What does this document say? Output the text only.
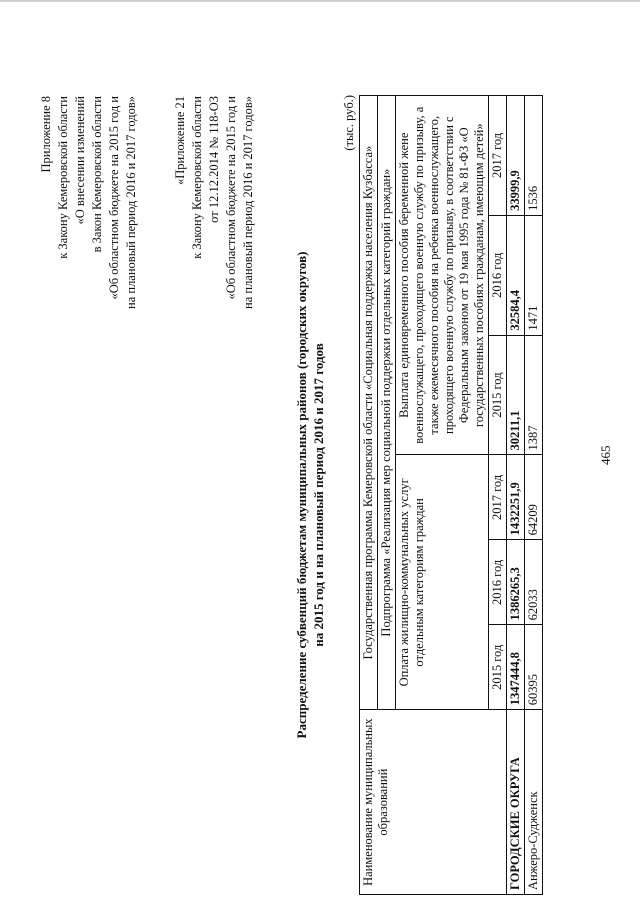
465
Приложение 8 к Закону Кемеровской области «О внесении изменений в Закон Кемеровской области «Об областном бюджете на 2015 год и на плановый период 2016 и 2017 годов»	«Приложение 21 к Закону Кемеровской области от 12.12.2014 № 118-ОЗ «Об областном бюджете на 2015 год и на плановый период 2016 и 2017 годов»
Распределение субвенций бюджетам муниципальных районов (городских округов) на 2015 год и на плановый период 2016 и 2017 годов
(тыс. руб.)
Наименование муниципальных образований	Государственная программа Кемеровской области «Социальная поддержка населения Кузбасса»					
	Подпрограмма «Реализация мер социальной поддержки отдельных категорий граждан»					
	Оплата жилищно-коммунальных услуг отдельным категориям граждан			Выплата единовременного пособия беременной жене военнослужащего, проходящего военную службу по призыву, а также ежемесячного пособия на ребенка военнослужащего, проходящего военную службу по призыву, в соответствии с Федеральным законом от 19 мая 1995 года № 81-ФЗ «О государственных пособиях гражданам, имеющим детей»		
	2015 год	2016 год	2017 год	2015 год	2016 год	2017 год
ГОРОДСКИЕ ОКРУГА	1347444,8	1386265,3	1432251,9	30211,1	32584,4	33999,9
Анжеро-Судженск	60395	62033	64209	1387	1471	1536
